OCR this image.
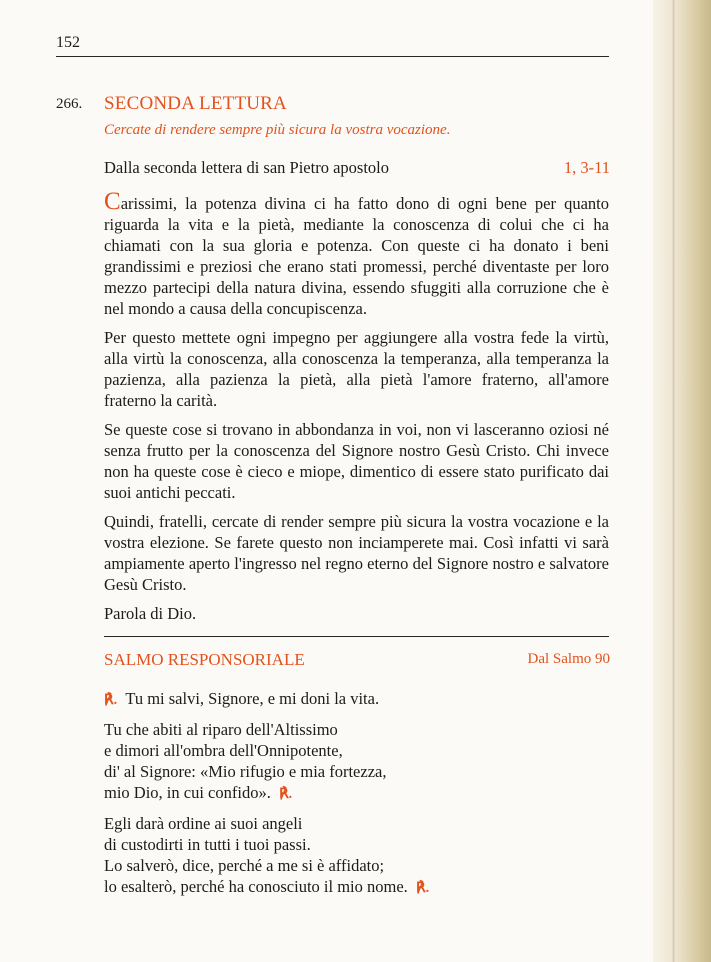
152
266. SECONDA LETTURA
Cercate di rendere sempre più sicura la vostra vocazione.
Dalla seconda lettera di san Pietro apostolo	1, 3-11

Carissimi, la potenza divina ci ha fatto dono di ogni bene per quanto riguarda la vita e la pietà, mediante la conoscenza di colui che ci ha chiamati con la sua gloria e potenza. Con queste ci ha donato i beni grandissimi e preziosi che erano stati promessi, perché diventaste per loro mezzo partecipi della natura divina, essendo sfuggiti alla corruzione che è nel mondo a causa della concupiscenza.

Per questo mettete ogni impegno per aggiungere alla vostra fede la virtù, alla virtù la conoscenza, alla conoscenza la temperanza, alla temperanza la pazienza, alla pazienza la pietà, alla pietà l'amore fraterno, all'amore fraterno la carità.

Se queste cose si trovano in abbondanza in voi, non vi lasceranno oziosi né senza frutto per la conoscenza del Signore nostro Gesù Cristo. Chi invece non ha queste cose è cieco e miope, dimentico di essere stato purificato dai suoi antichi peccati.

Quindi, fratelli, cercate di render sempre più sicura la vostra vocazione e la vostra elezione. Se farete questo non inciamperete mai. Così infatti vi sarà ampiamente aperto l'ingresso nel regno eterno del Signore nostro e salvatore Gesù Cristo.

Parola di Dio.

SALMO RESPONSORIALE	Dal Salmo 90
℟. Tu mi salvi, Signore, e mi doni la vita.
Tu che abiti al riparo dell'Altissimo
e dimori all'ombra dell'Onnipotente,
di' al Signore: «Mio rifugio e mia fortezza,
mio Dio, in cui confido». ℟.
Egli darà ordine ai suoi angeli
di custodirti in tutti i tuoi passi.
Lo salverò, dice, perché a me si è affidato;
lo esalterò, perché ha conosciuto il mio nome. ℟.
